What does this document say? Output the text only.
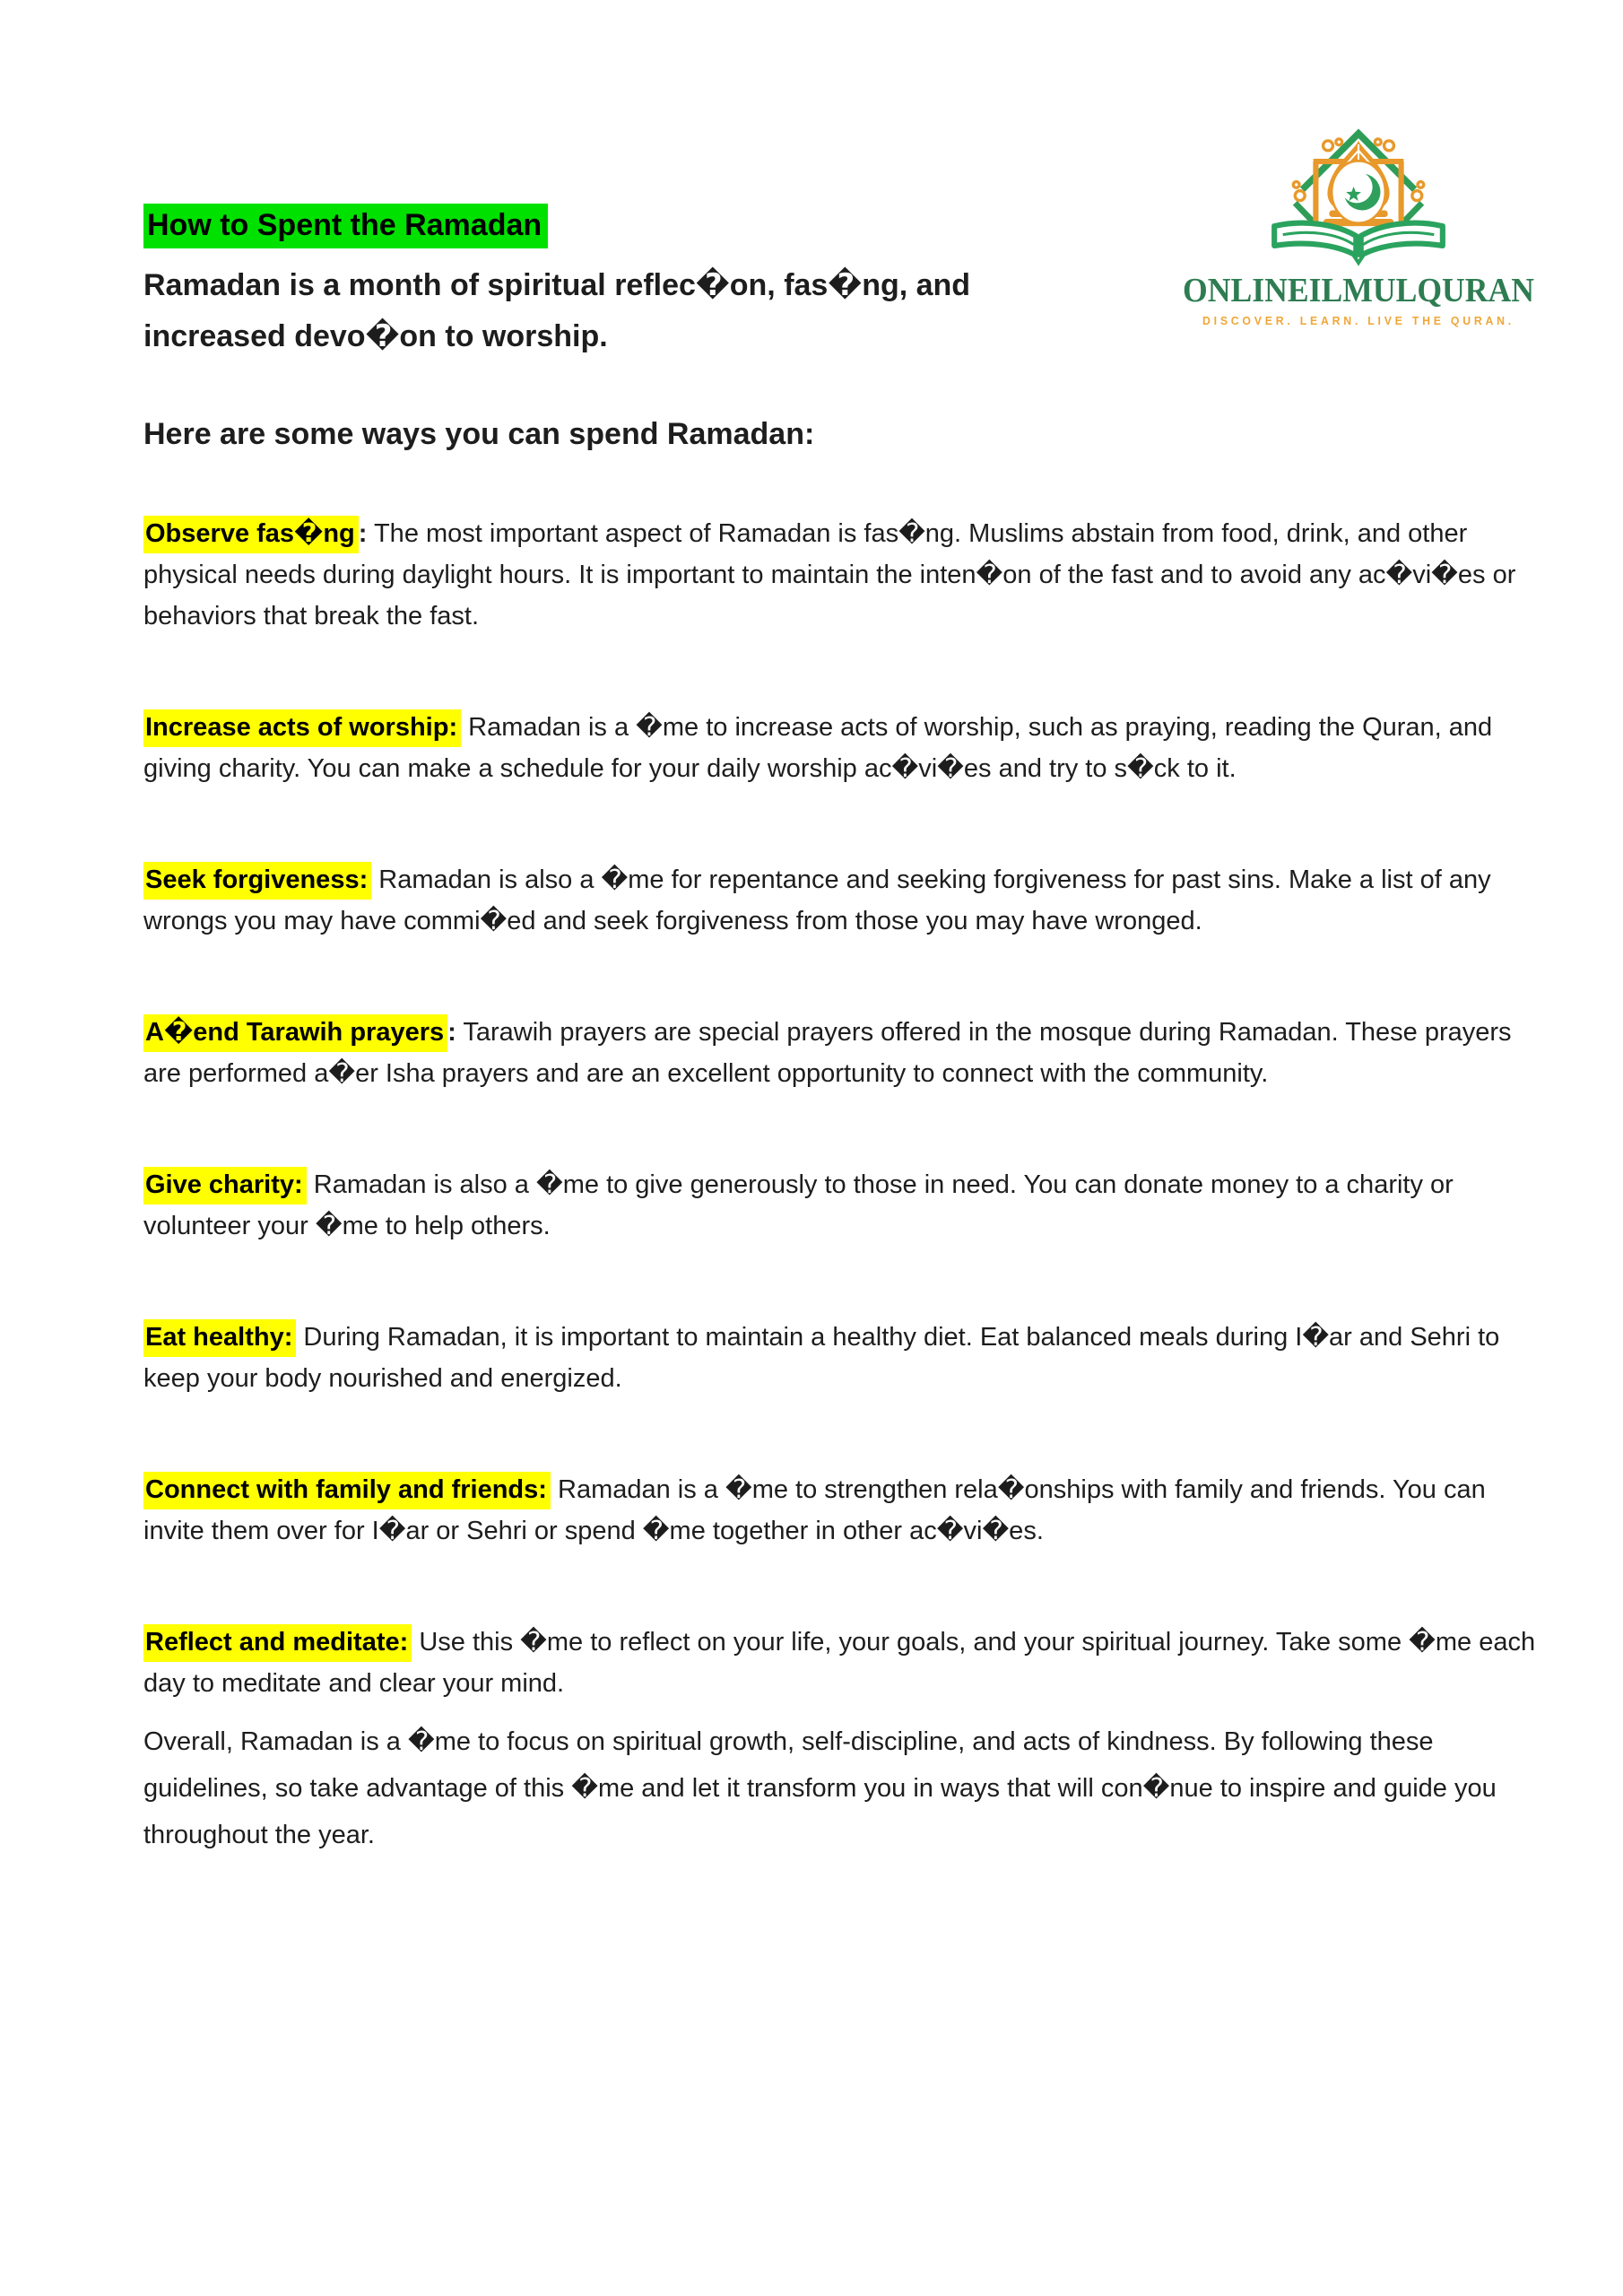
How to Spent the Ramadan

Ramadan is a month of spiritual reflec�on, fas�ng, and increased devo�on to worship.

ONLINEILMULQURAN
DISCOVER. LEARN. LIVE THE QURAN.
Here are some ways you can spend Ramadan:

Observe fas�ng : The most important aspect of Ramadan is fas�ng. Muslims abstain from food, drink, and other physical needs during daylight hours. It is important to maintain the inten�on of the fast and to avoid any ac�vi�es or behaviors that break the fast.

Increase acts of worship: Ramadan is a �me to increase acts of worship, such as praying, reading the Quran, and giving charity. You can make a schedule for your daily worship ac�vi�es and try to s�ck to it.

Seek forgiveness: Ramadan is also a �me for repentance and seeking forgiveness for past sins. Make a list of any wrongs you may have commi�ed and seek forgiveness from those you may have wronged.

A�end Tarawih prayers : Tarawih prayers are special prayers offered in the mosque during Ramadan. These prayers are performed a�er Isha prayers and are an excellent opportunity to connect with the community.

Give charity: Ramadan is also a �me to give generously to those in need. You can donate money to a charity or volunteer your �me to help others.

Eat healthy: During Ramadan, it is important to maintain a healthy diet. Eat balanced meals during I�ar and Sehri to keep your body nourished and energized.

Connect with family and friends: Ramadan is a �me to strengthen rela�onships with family and friends. You can invite them over for I�ar or Sehri or spend �me together in other ac�vi�es.

Reflect and meditate: Use this �me to reflect on your life, your goals, and your spiritual journey. Take some �me each day to meditate and clear your mind.

Overall, Ramadan is a �me to focus on spiritual growth, self-discipline, and acts of kindness. By following these guidelines, so take advantage of this �me and let it transform you in ways that will con�nue to inspire and guide you throughout the year.
